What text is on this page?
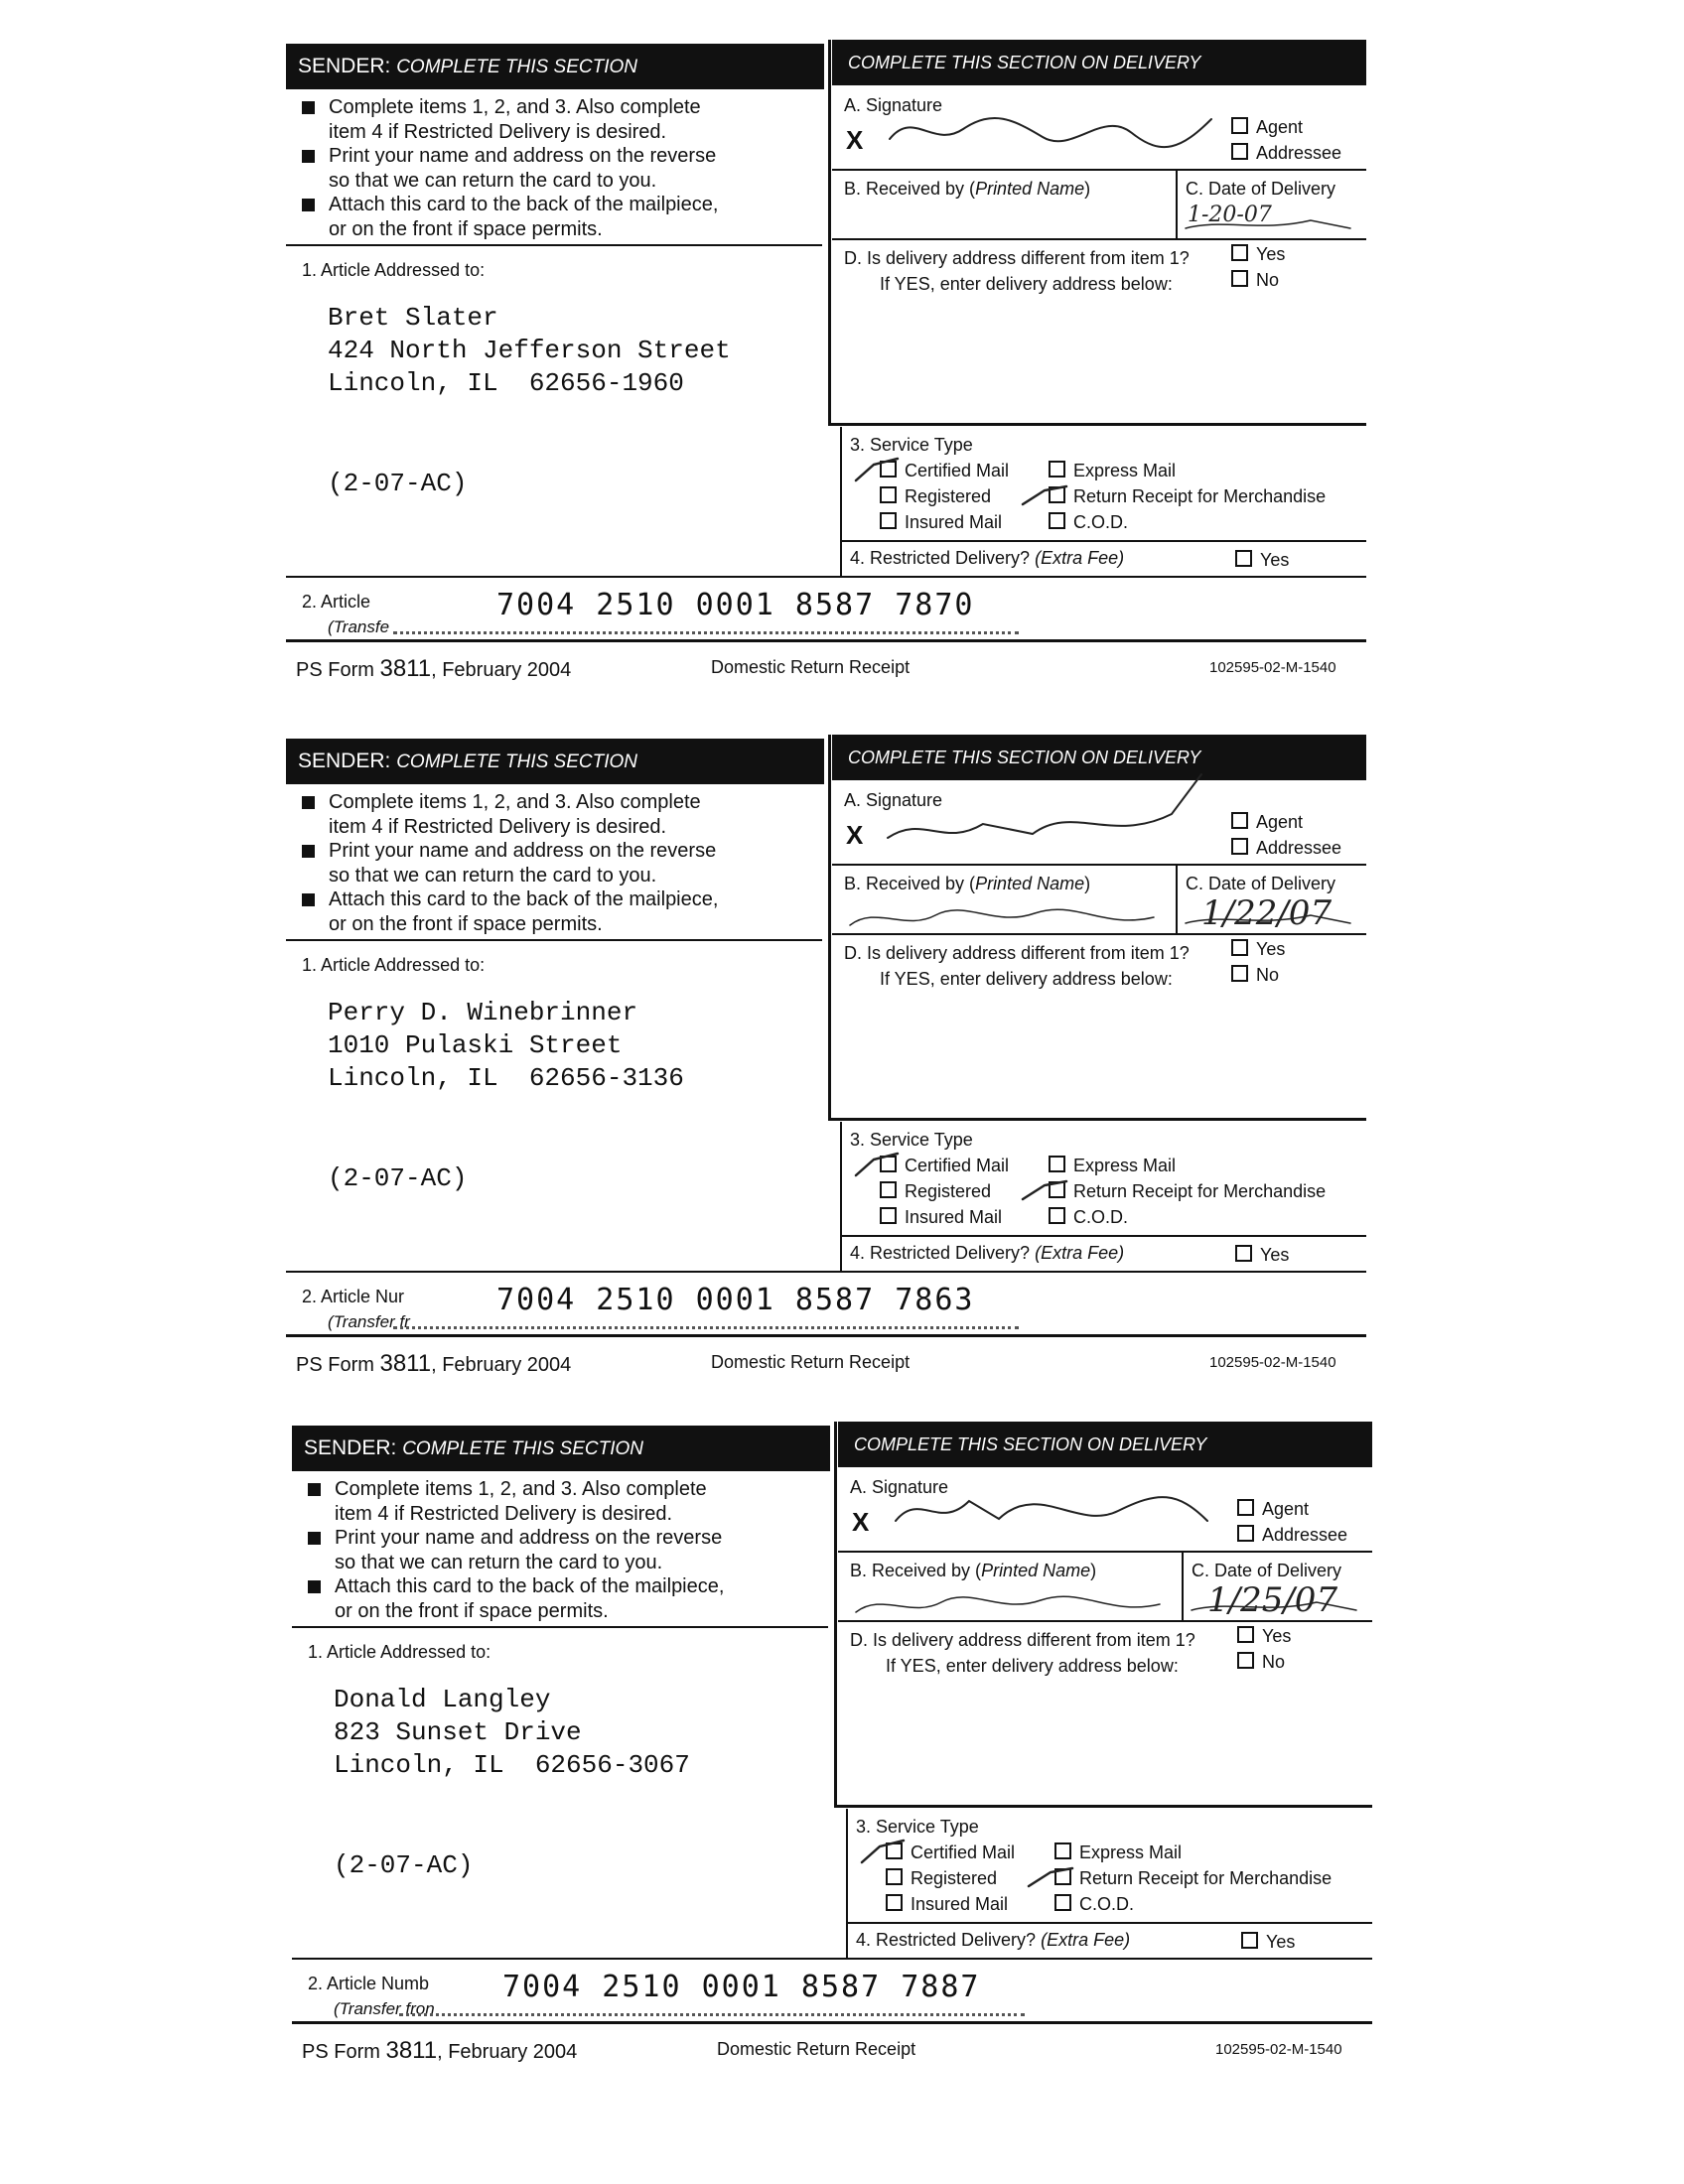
SENDER: COMPLETE THIS SECTION	COMPLETE THIS SECTION ON DELIVERY
Complete items 1, 2, and 3. Also complete
item 4 if Restricted Delivery is desired.
Print your name and address on the reverse
so that we can return the card to you.
Attach this card to the back of the mailpiece,
or on the front if space permits.
1. Article Addressed to:
Bret Slater
424 North Jefferson Street
Lincoln, IL  62656-1960
(2-07-AC)
A. Signature
X	Agent
Addressee
B. Received by (Printed Name)	C. Date of Delivery
D. Is delivery address different from item 1?	Yes
If YES, enter delivery address below:	No
3. Service Type
Certified Mail	Express Mail
Registered	Return Receipt for Merchandise
Insured Mail	C.O.D.
4. Restricted Delivery? (Extra Fee)	Yes
2. Article
(Transfe
7004 2510 0001 8587 7870
PS Form 3811, February 2004	Domestic Return Receipt	102595-02-M-1540
1-20-07
SENDER: COMPLETE THIS SECTION	COMPLETE THIS SECTION ON DELIVERY
Complete items 1, 2, and 3. Also complete
item 4 if Restricted Delivery is desired.
Print your name and address on the reverse
so that we can return the card to you.
Attach this card to the back of the mailpiece,
or on the front if space permits.
1. Article Addressed to:
Perry D. Winebrinner
1010 Pulaski Street
Lincoln, IL  62656-3136
(2-07-AC)
A. Signature
X	Agent
Addressee
B. Received by (Printed Name)	C. Date of Delivery
D. Is delivery address different from item 1?	Yes
If YES, enter delivery address below:	No
3. Service Type
Certified Mail	Express Mail
Registered	Return Receipt for Merchandise
Insured Mail	C.O.D.
4. Restricted Delivery? (Extra Fee)	Yes
2. Article Nur
(Transfer fr
7004 2510 0001 8587 7863
PS Form 3811, February 2004	Domestic Return Receipt	102595-02-M-1540
1/22/07
SENDER: COMPLETE THIS SECTION	COMPLETE THIS SECTION ON DELIVERY
Complete items 1, 2, and 3. Also complete
item 4 if Restricted Delivery is desired.
Print your name and address on the reverse
so that we can return the card to you.
Attach this card to the back of the mailpiece,
or on the front if space permits.
1. Article Addressed to:
Donald Langley
823 Sunset Drive
Lincoln, IL  62656-3067
(2-07-AC)
A. Signature
X	Agent
Addressee
B. Received by (Printed Name)	C. Date of Delivery
D. Is delivery address different from item 1?	Yes
If YES, enter delivery address below:	No
3. Service Type
Certified Mail	Express Mail
Registered	Return Receipt for Merchandise
Insured Mail	C.O.D.
4. Restricted Delivery? (Extra Fee)	Yes
2. Article Numb
(Transfer fron
7004 2510 0001 8587 7887
PS Form 3811, February 2004	Domestic Return Receipt	102595-02-M-1540
1/25/07
